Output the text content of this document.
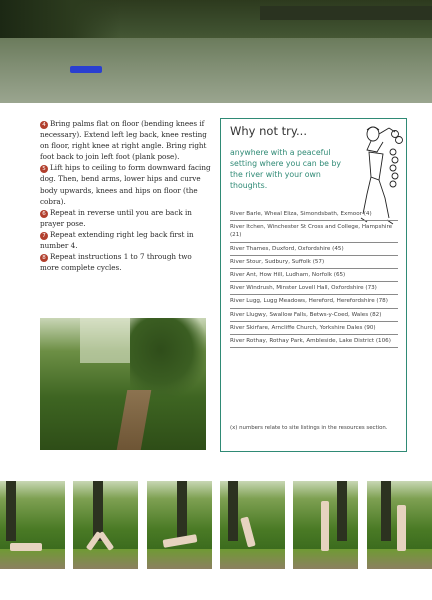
4 Bring palms flat on floor (bending knees if necessary). Extend left leg back, knee resting on floor, right knee at right angle. Bring right foot back to join left foot (plank pose).

5 Lift hips to ceiling to form downward facing dog. Then, bend arms, lower hips and curve body upwards, knees and hips on floor (the cobra).

6 Repeat in reverse until you are back in prayer pose.

7 Repeat extending right leg back first in number 4.

8 Repeat instructions 1 to 7 through two more complete cycles.

Why not try...
anywhere with a peaceful setting where you can be by the river with your own thoughts.
River Barle, Wheal Eliza, Simondsbath, Exmoor (4)
River Itchen, Winchester St Cross and College, Hampshire (21)
River Thames, Duxford, Oxfordshire (45)
River Stour, Sudbury, Suffolk (57)
River Ant, How Hill, Ludham, Norfolk (65)
River Windrush, Minster Lovell Hall, Oxfordshire (73)
River Lugg, Lugg Meadows, Hereford, Herefordshire (78)
River Llugwy, Swallow Falls, Betws-y-Coed, Wales (82)
River Skirfare, Arncliffe Church, Yorkshire Dales (90)
River Rothay, Rothay Park, Ambleside, Lake District (106)
(x) numbers relate to site listings in the resources section.
